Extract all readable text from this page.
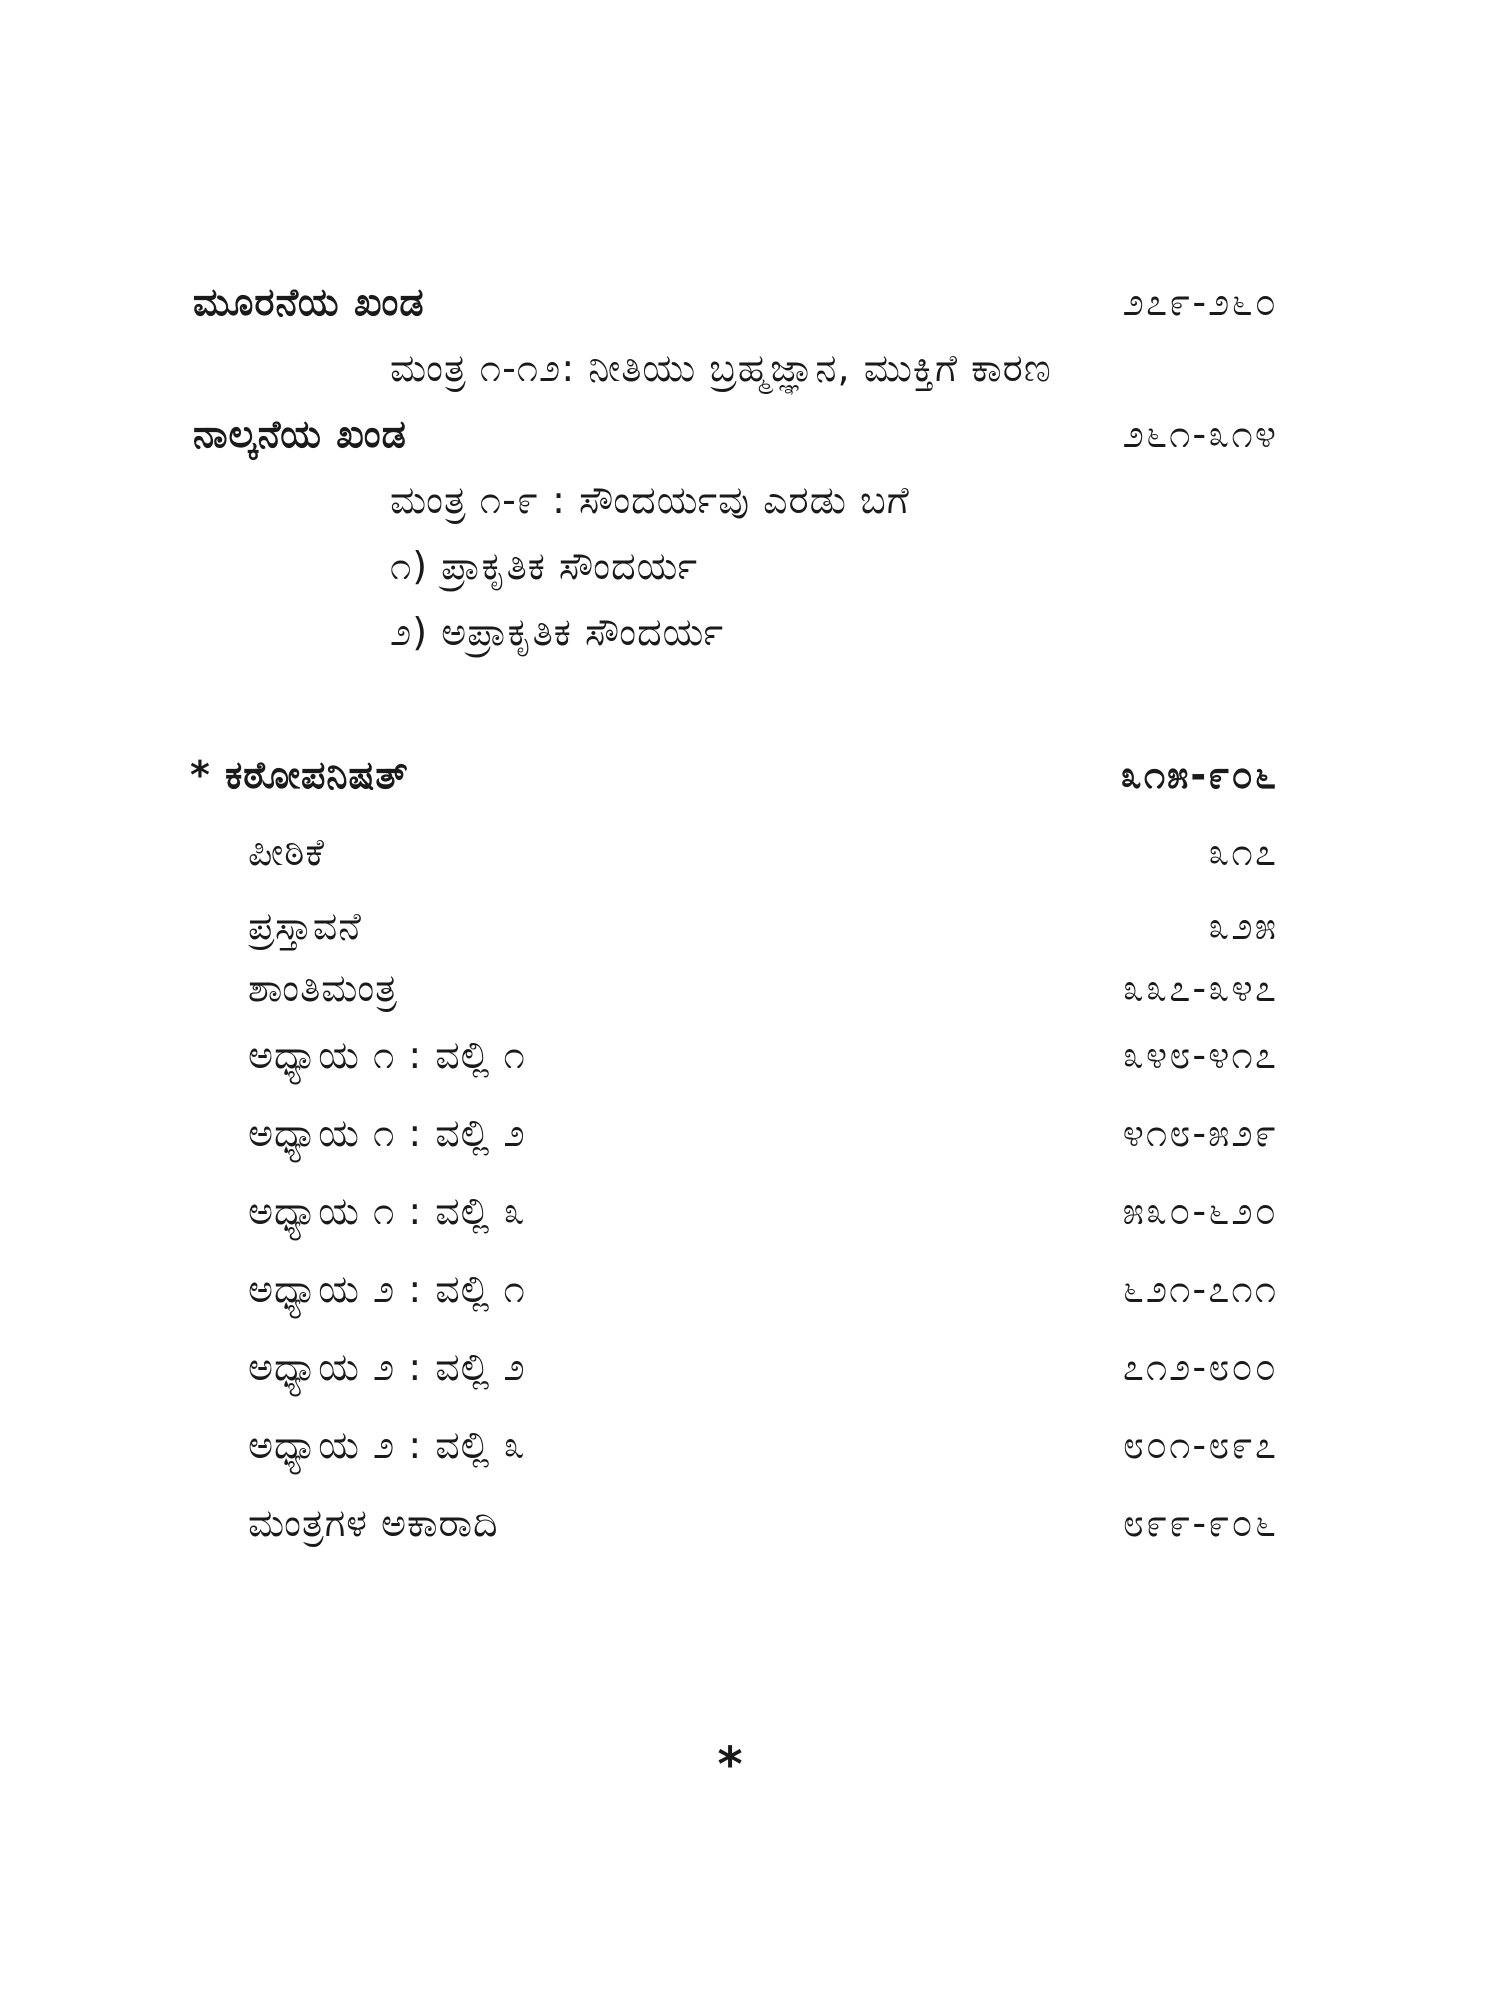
ಮೂರನೆಯ ಖಂಡ	೨೭೯-೨೬೦
ಮಂತ್ರ ೧-೧೨: ನೀತಿಯು ಬ್ರಹ್ಮಜ್ಞಾನ, ಮುಕ್ತಿಗೆ ಕಾರಣ
ನಾಲ್ಕನೆಯ ಖಂಡ	೨೬೧-೩೧೪
ಮಂತ್ರ ೧-೯ : ಸೌಂದರ್ಯವು ಎರಡು ಬಗೆ
೧) ಪ್ರಾಕೃತಿಕ ಸೌಂದರ್ಯ
೨) ಅಪ್ರಾಕೃತಿಕ ಸೌಂದರ್ಯ
* ಕಠೋಪನಿಷತ್	೩೧೫-೯೦೬
ಪೀಠಿಕೆ	೩೧೭
ಪ್ರಸ್ತಾವನೆ	೩೨೫
ಶಾಂತಿಮಂತ್ರ	೩೩೭-೩೪೭
ಅಧ್ಯಾಯ ೧ : ವಲ್ಲಿ ೧	೩೪೮-೪೧೭
ಅಧ್ಯಾಯ ೧ : ವಲ್ಲಿ ೨	೪೧೮-೫೨೯
ಅಧ್ಯಾಯ ೧ : ವಲ್ಲಿ ೩	೫೩೦-೬೨೦
ಅಧ್ಯಾಯ ೨ : ವಲ್ಲಿ ೧	೬೨೧-೭೧೧
ಅಧ್ಯಾಯ ೨ : ವಲ್ಲಿ ೨	೭೧೨-೮೦೦
ಅಧ್ಯಾಯ ೨ : ವಲ್ಲಿ ೩	೮೦೧-೮೯೭
ಮಂತ್ರಗಳ ಅಕಾರಾದಿ	೮೯೯-೯೦೬
*
